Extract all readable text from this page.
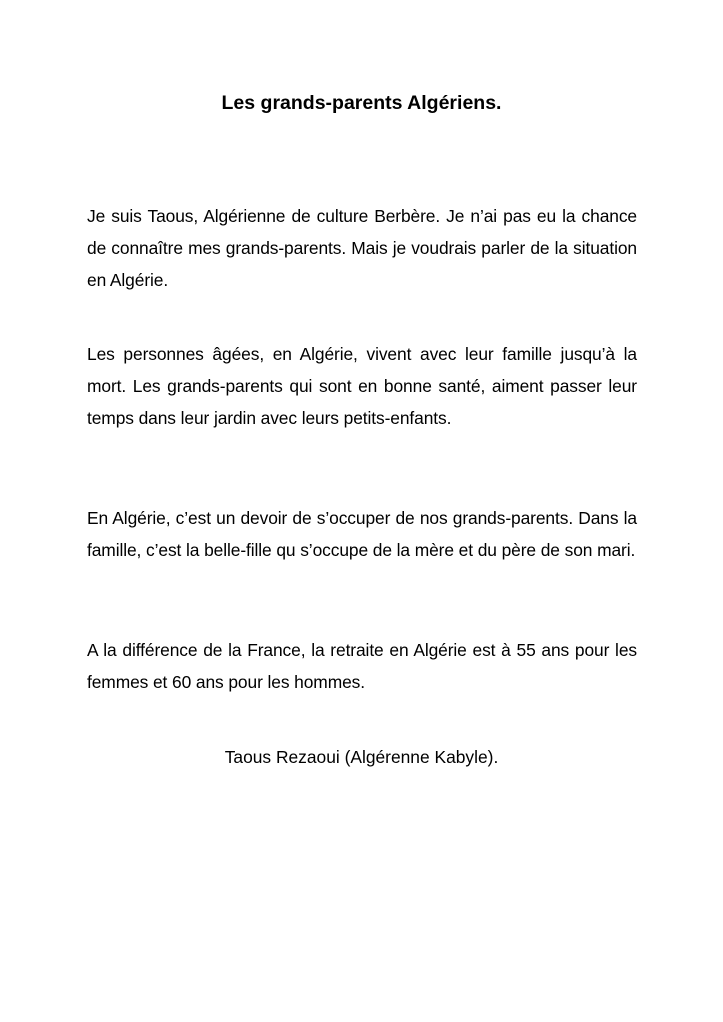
Les grands-parents Algériens.

Je suis Taous, Algérienne de culture Berbère. Je n’ai pas eu la chance de connaître mes grands-parents. Mais je voudrais parler de la situation en Algérie.

Les personnes âgées, en Algérie, vivent avec leur famille jusqu’à la mort. Les grands-parents qui sont en bonne santé, aiment passer leur temps dans leur jardin avec leurs petits-enfants.

En Algérie, c’est un devoir de s’occuper de nos grands-parents. Dans la famille, c’est la belle-fille qu s’occupe de la mère et du père de son mari.

A la différence de la France, la retraite en Algérie est à 55 ans pour les femmes et 60 ans pour les hommes.

Taous Rezaoui (Algérenne Kabyle).
